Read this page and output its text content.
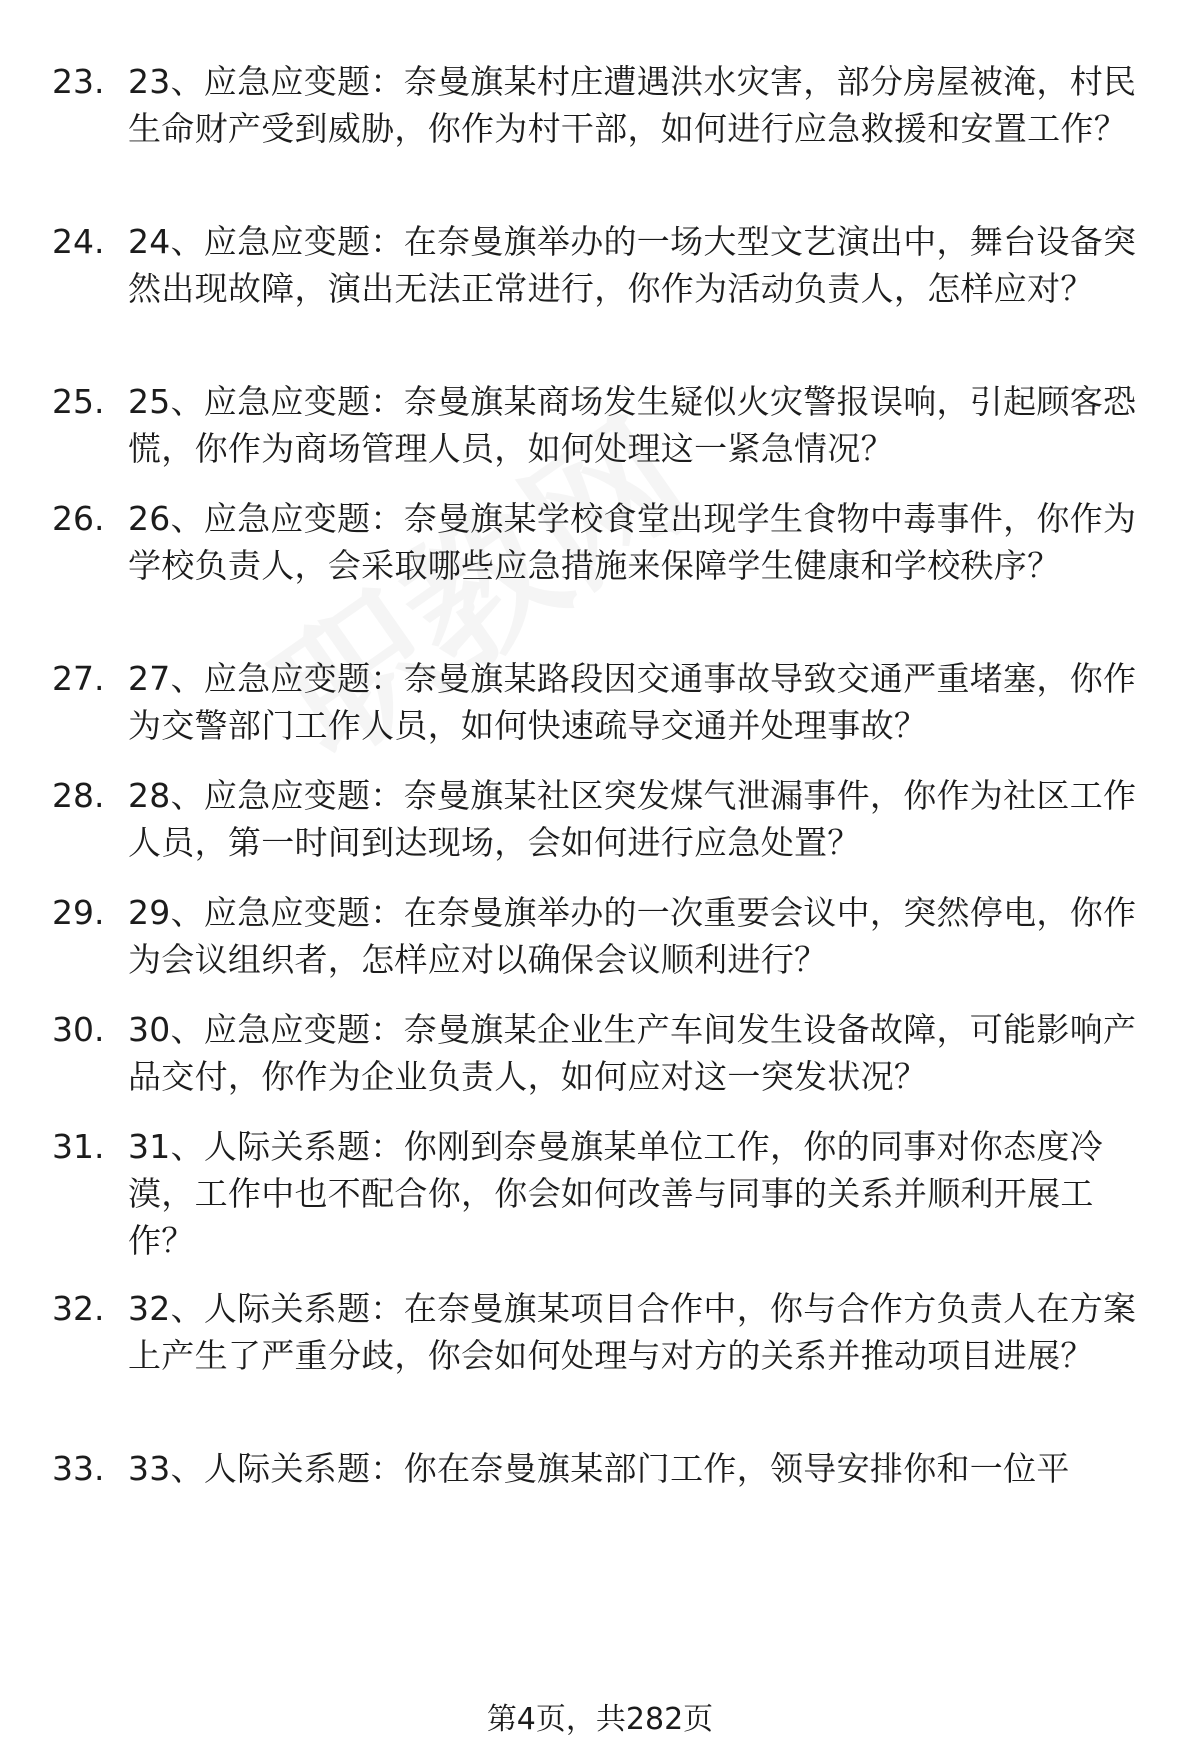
23. 23、应急应变题：奈曼旗某村庄遭遇洪水灾害，部分房屋被淹，村民生命财产受到威胁，你作为村干部，如何进行应急救援和安置工作？
24. 24、应急应变题：在奈曼旗举办的一场大型文艺演出中，舞台设备突然出现故障，演出无法正常进行，你作为活动负责人，怎样应对？
25. 25、应急应变题：奈曼旗某商场发生疑似火灾警报误响，引起顾客恐慌，你作为商场管理人员，如何处理这一紧急情况？
26. 26、应急应变题：奈曼旗某学校食堂出现学生食物中毒事件，你作为学校负责人，会采取哪些应急措施来保障学生健康和学校秩序？
27. 27、应急应变题：奈曼旗某路段因交通事故导致交通严重堵塞，你作为交警部门工作人员，如何快速疏导交通并处理事故？
28. 28、应急应变题：奈曼旗某社区突发煤气泄漏事件，你作为社区工作人员，第一时间到达现场，会如何进行应急处置？
29. 29、应急应变题：在奈曼旗举办的一次重要会议中，突然停电，你作为会议组织者，怎样应对以确保会议顺利进行？
30. 30、应急应变题：奈曼旗某企业生产车间发生设备故障，可能影响产品交付，你作为企业负责人，如何应对这一突发状况？
31. 31、人际关系题：你刚到奈曼旗某单位工作，你的同事对你态度冷漠，工作中也不配合你，你会如何改善与同事的关系并顺利开展工作？
32. 32、人际关系题：在奈曼旗某项目合作中，你与合作方负责人在方案上产生了严重分歧，你会如何处理与对方的关系并推动项目进展？
33. 33、人际关系题：你在奈曼旗某部门工作，领导安排你和一位平
第4页，共282页
